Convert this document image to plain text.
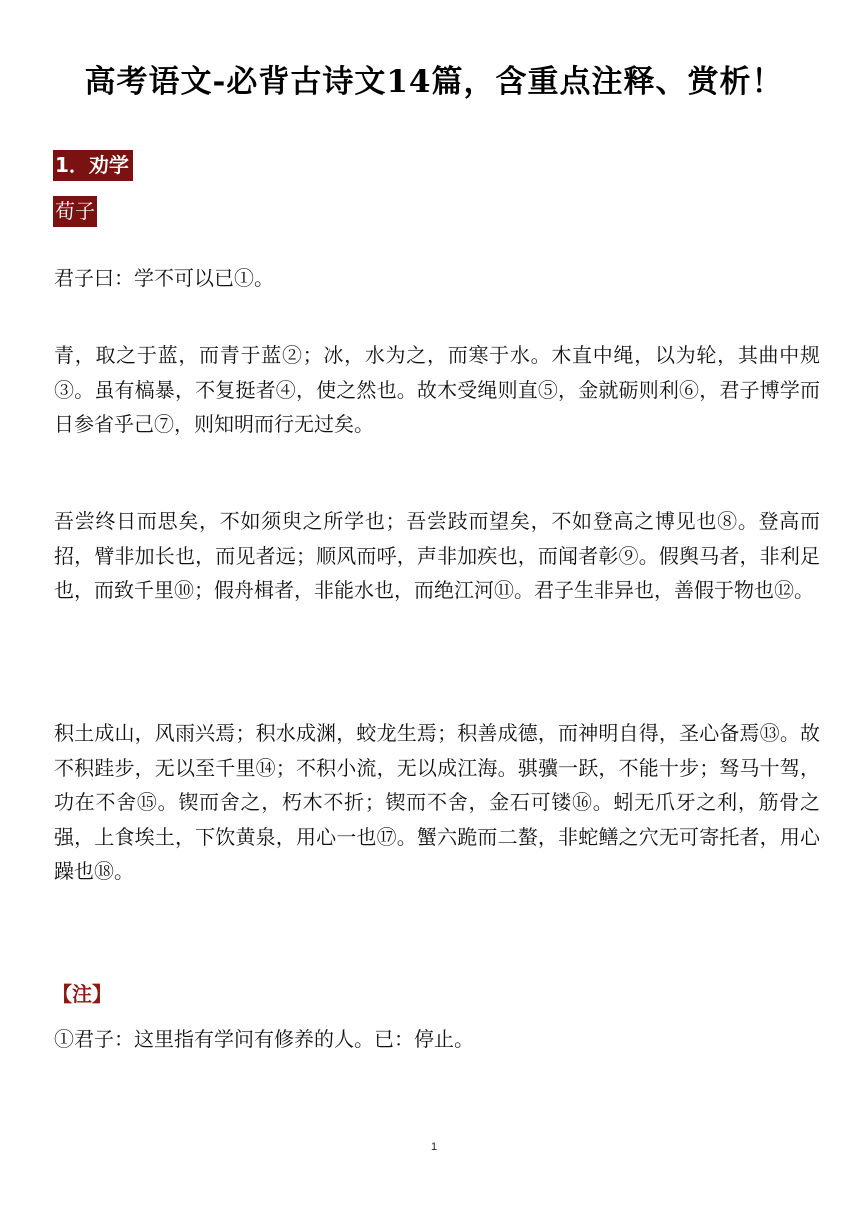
高考语文-必背古诗文14篇，含重点注释、赏析！
1．劝学
荀子
君子曰：学不可以已①。
青，取之于蓝，而青于蓝②；冰，水为之，而寒于水。木直中绳，以为轮，其曲中规③。虽有槁暴，不复挺者④，使之然也。故木受绳则直⑤，金就砺则利⑥，君子博学而日参省乎己⑦，则知明而行无过矣。
吾尝终日而思矣，不如须臾之所学也；吾尝跂而望矣，不如登高之博见也⑧。登高而招，臂非加长也，而见者远；顺风而呼，声非加疾也，而闻者彰⑨。假舆马者，非利足也，而致千里⑩；假舟楫者，非能水也，而绝江河⑪。君子生非异也，善假于物也⑫。
积土成山，风雨兴焉；积水成渊，蛟龙生焉；积善成德，而神明自得，圣心备焉⑬。故不积跬步，无以至千里⑭；不积小流，无以成江海。骐骥一跃，不能十步；驽马十驾，功在不舍⑮。锲而舍之，朽木不折；锲而不舍，金石可镂⑯。蚓无爪牙之利，筋骨之强，上食埃土，下饮黄泉，用心一也⑰。蟹六跪而二螯，非蛇鳝之穴无可寄托者，用心躁也⑱。
【注】
①君子：这里指有学问有修养的人。已：停止。
1
